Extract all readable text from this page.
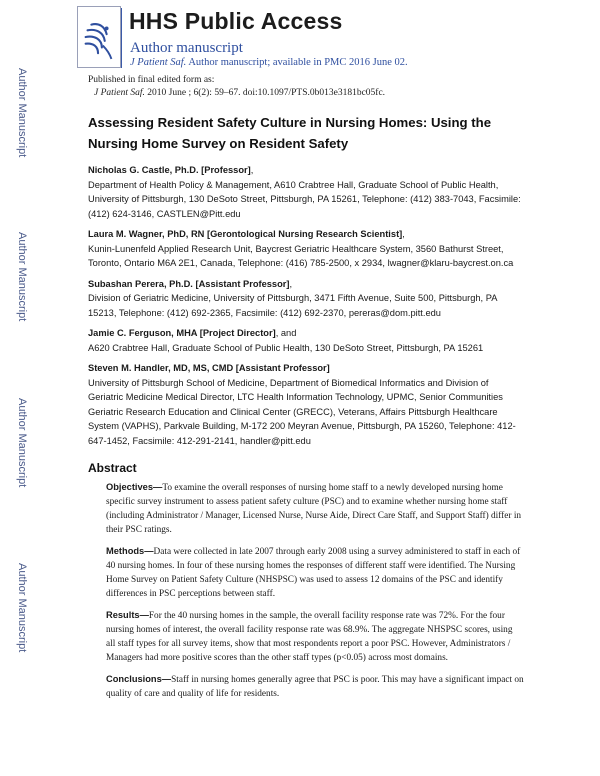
HHS Public Access
Author manuscript
J Patient Saf. Author manuscript; available in PMC 2016 June 02.
Published in final edited form as:
J Patient Saf. 2010 June ; 6(2): 59–67. doi:10.1097/PTS.0b013e3181bc05fc.
Author Manuscript
Author Manuscript
Author Manuscript
Author Manuscript
Assessing Resident Safety Culture in Nursing Homes: Using the Nursing Home Survey on Resident Safety
Nicholas G. Castle, Ph.D. [Professor],
Department of Health Policy & Management, A610 Crabtree Hall, Graduate School of Public Health, University of Pittsburgh, 130 DeSoto Street, Pittsburgh, PA 15261, Telephone: (412) 383-7043, Facsimile: (412) 624-3146, CASTLEN@Pitt.edu
Laura M. Wagner, PhD, RN [Gerontological Nursing Research Scientist],
Kunin-Lunenfeld Applied Research Unit, Baycrest Geriatric Healthcare System, 3560 Bathurst Street, Toronto, Ontario M6A 2E1, Canada, Telephone: (416) 785-2500, x 2934, lwagner@klaru-baycrest.on.ca
Subashan Perera, Ph.D. [Assistant Professor],
Division of Geriatric Medicine, University of Pittsburgh, 3471 Fifth Avenue, Suite 500, Pittsburgh, PA 15213, Telephone: (412) 692-2365, Facsimile: (412) 692-2370, pereras@dom.pitt.edu
Jamie C. Ferguson, MHA [Project Director], and
A620 Crabtree Hall, Graduate School of Public Health, 130 DeSoto Street, Pittsburgh, PA 15261
Steven M. Handler, MD, MS, CMD [Assistant Professor]
University of Pittsburgh School of Medicine, Department of Biomedical Informatics and Division of Geriatric Medicine Medical Director, LTC Health Information Technology, UPMC, Senior Communities Geriatric Research Education and Clinical Center (GRECC), Veterans, Affairs Pittsburgh Healthcare System (VAPHS), Parkvale Building, M-172 200 Meyran Avenue, Pittsburgh, PA 15260, Telephone: 412-647-1452, Facsimile: 412-291-2141, handler@pitt.edu
Abstract
Objectives—To examine the overall responses of nursing home staff to a newly developed nursing home specific survey instrument to assess patient safety culture (PSC) and to examine whether nursing home staff (including Administrator / Manager, Licensed Nurse, Nurse Aide, Direct Care Staff, and Support Staff) differ in their PSC ratings.
Methods—Data were collected in late 2007 through early 2008 using a survey administered to staff in each of 40 nursing homes. In four of these nursing homes the responses of different staff were identified. The Nursing Home Survey on Patient Safety Culture (NHSPSC) was used to assess 12 domains of the PSC and identify differences in PSC perceptions between staff.
Results—For the 40 nursing homes in the sample, the overall facility response rate was 72%. For the four nursing homes of interest, the overall facility response rate was 68.9%. The aggregate NHSPSC scores, using all staff types for all survey items, show that most respondents report a poor PSC. However, Administrators / Managers had more positive scores than the other staff types (p<0.05) across most domains.
Conclusions—Staff in nursing homes generally agree that PSC is poor. This may have a significant impact on quality of care and quality of life for residents.
